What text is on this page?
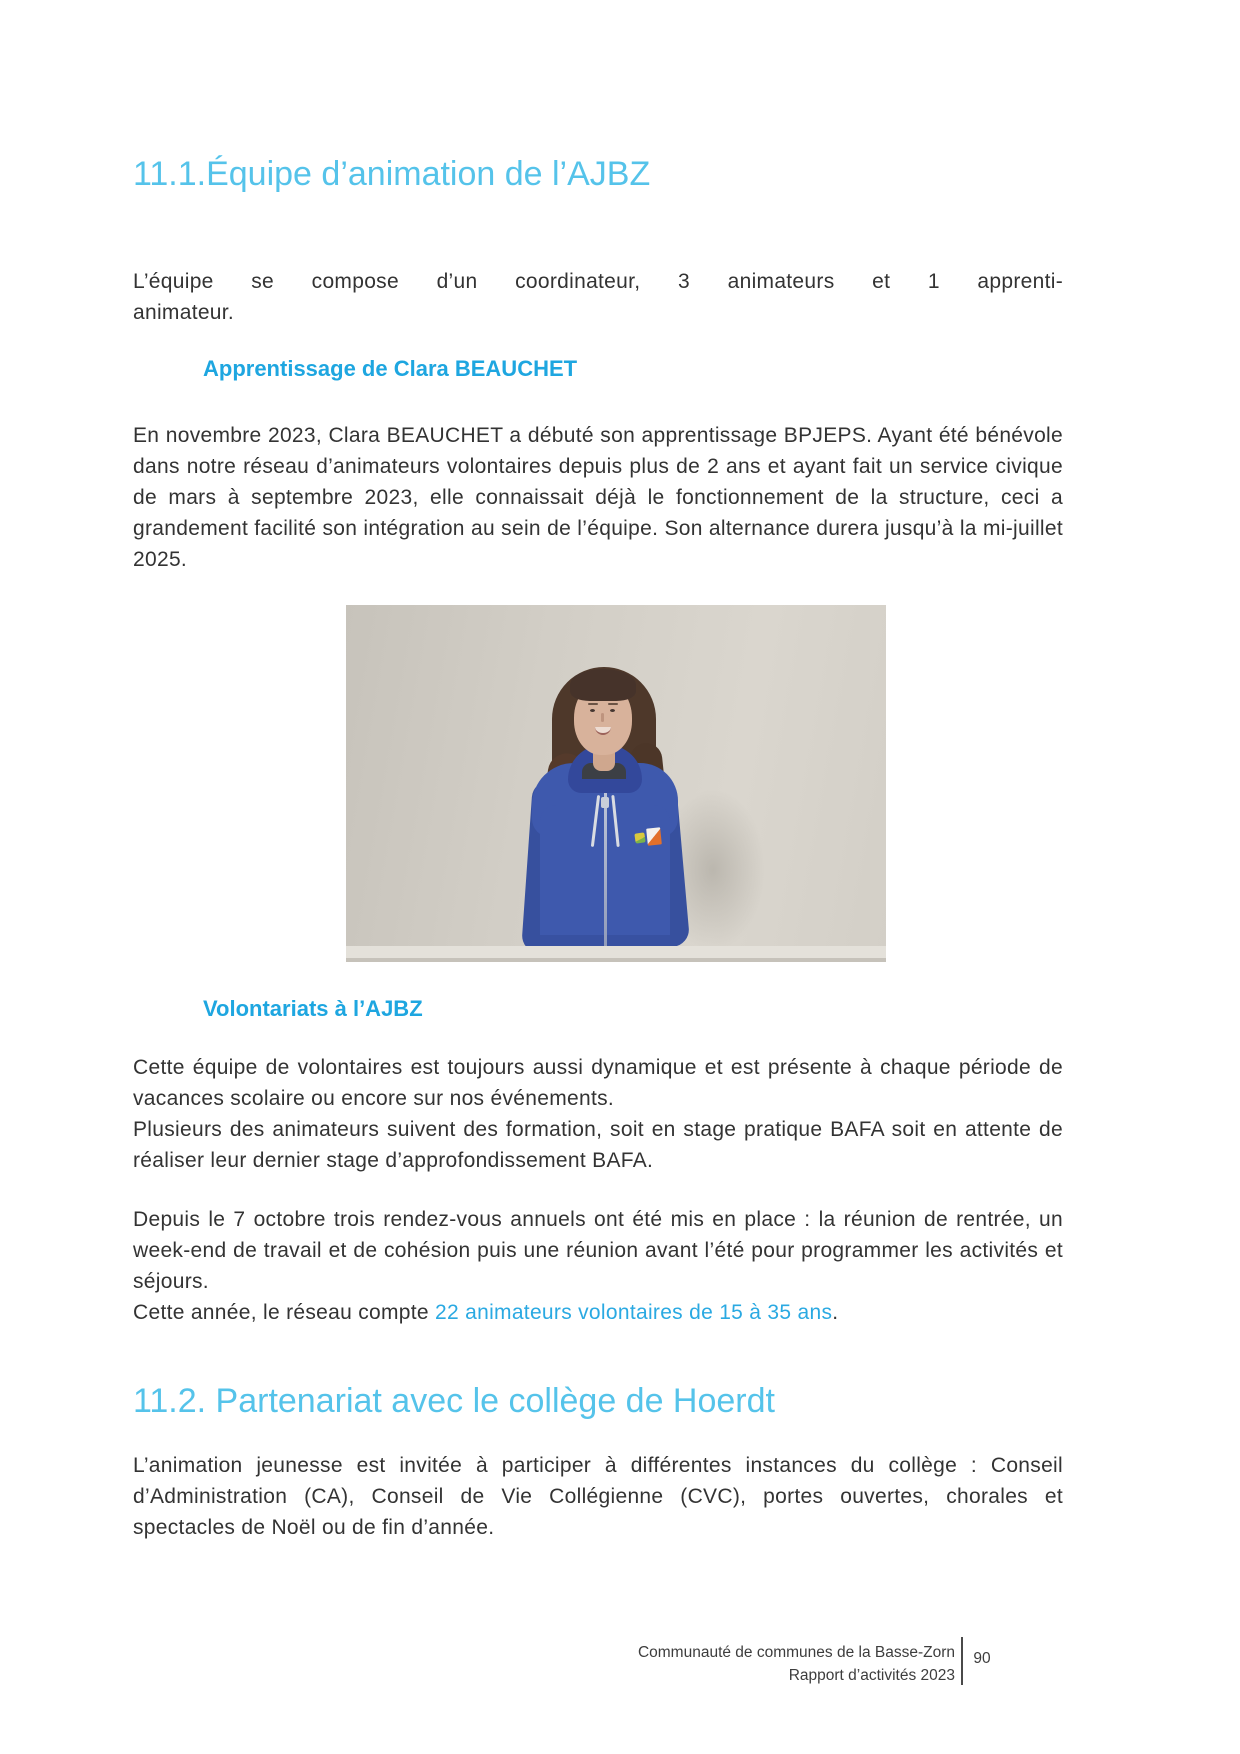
11.1.Équipe d’animation de l’AJBZ
L’équipe se compose d’un coordinateur, 3 animateurs et 1 apprenti-animateur.
Apprentissage de Clara BEAUCHET
En novembre 2023, Clara BEAUCHET a débuté son apprentissage BPJEPS. Ayant été bénévole dans notre réseau d’animateurs volontaires depuis plus de 2 ans et ayant fait un service civique de mars à septembre 2023, elle connaissait déjà le fonctionnement de la structure, ceci a grandement facilité son intégration au sein de l’équipe. Son alternance durera jusqu’à la mi-juillet 2025.
Volontariats à l’AJBZ
Cette équipe de volontaires est toujours aussi dynamique et est présente à chaque période de vacances scolaire ou encore sur nos événements.
Plusieurs des animateurs suivent des formation, soit en stage pratique BAFA soit en attente de réaliser leur dernier stage d’approfondissement BAFA.
Depuis le 7 octobre trois rendez-vous annuels ont été mis en place : la réunion de rentrée, un week-end de travail et de cohésion puis une réunion avant l’été pour programmer les activités et séjours.
Cette année, le réseau compte 22 animateurs volontaires de 15 à 35 ans.
11.2. Partenariat avec le collège de Hoerdt
L’animation jeunesse est invitée à participer à différentes instances du collège : Conseil d’Administration (CA), Conseil de Vie Collégienne (CVC), portes ouvertes, chorales et spectacles de Noël ou de fin d’année.
Communauté de communes de la Basse-Zorn
Rapport d’activités 2023
90
